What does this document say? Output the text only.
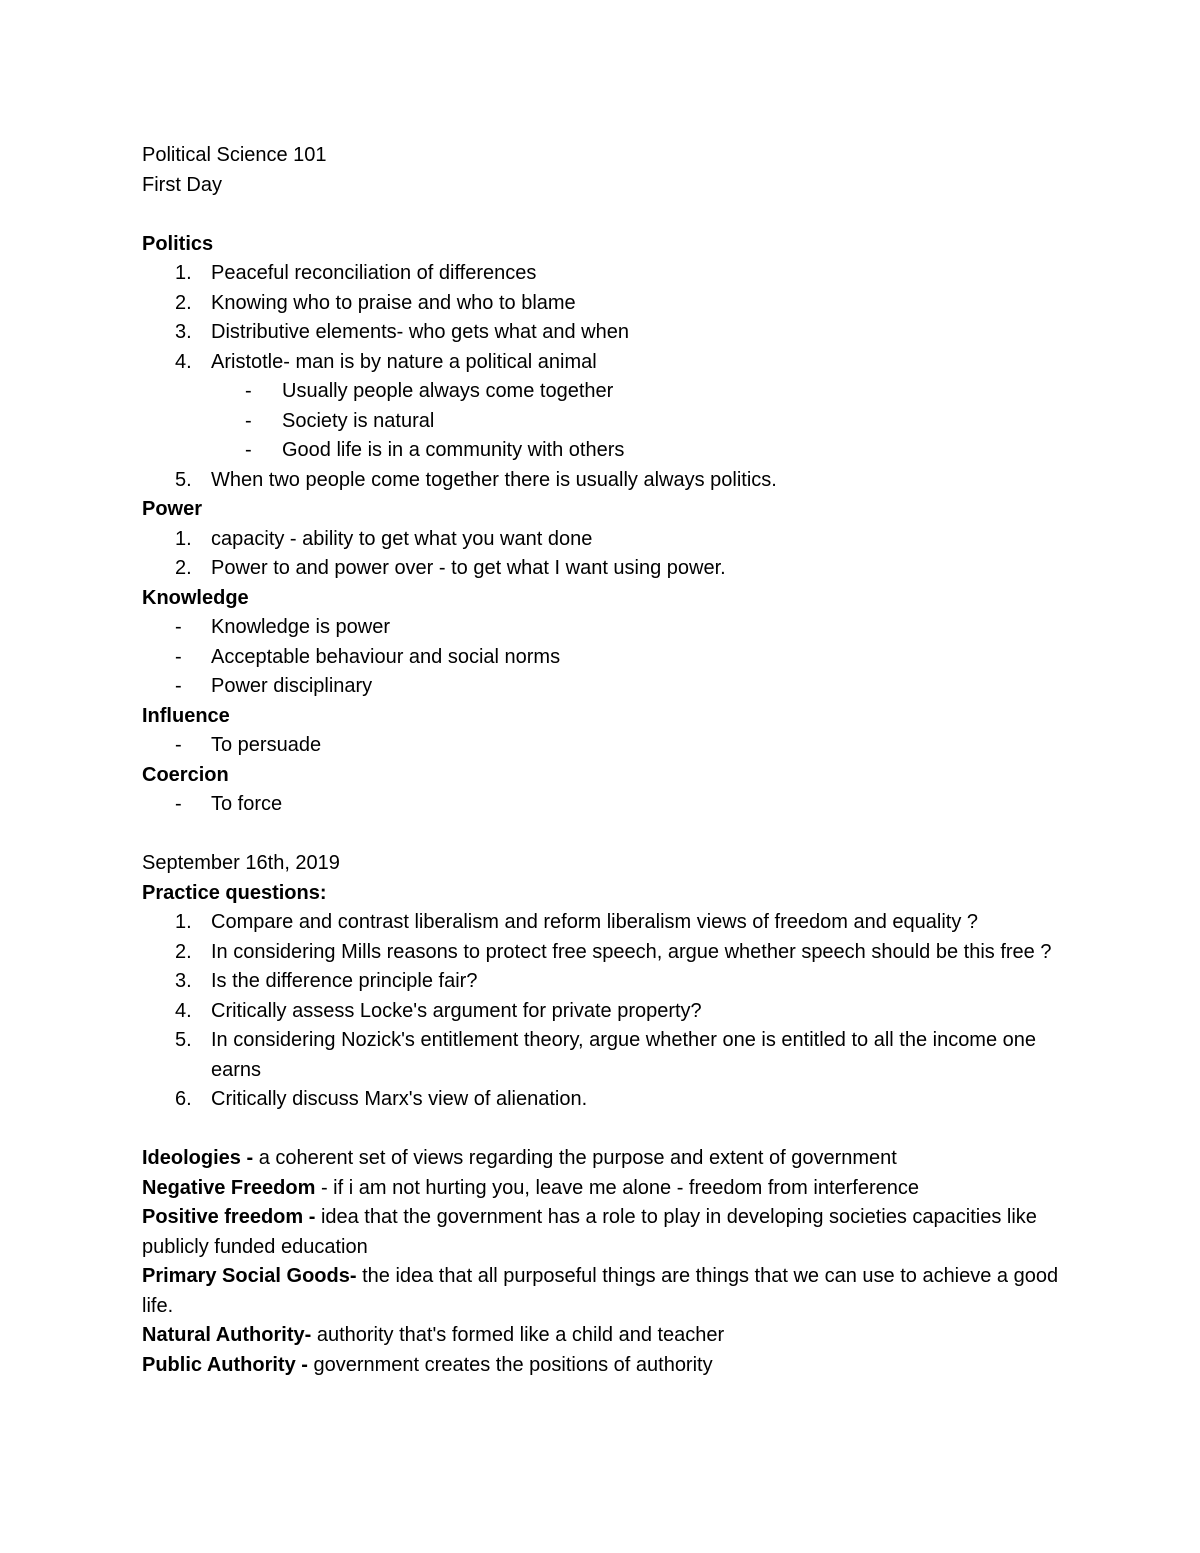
Political Science 101
First Day
Politics
1. Peaceful reconciliation of differences
2. Knowing who to praise and who to blame
3. Distributive elements- who gets what and when
4. Aristotle- man is by nature a political animal
- Usually people always come together
- Society is natural
- Good life is in a community with others
5. When two people come together there is usually always politics.
Power
1. capacity - ability to get what you want done
2. Power to and power over - to get what I want using power.
Knowledge
- Knowledge is power
- Acceptable behaviour and social norms
- Power disciplinary
Influence
- To persuade
Coercion
- To force
September 16th, 2019
Practice questions:
1. Compare and contrast liberalism and reform liberalism views of freedom and equality ?
2. In considering Mills reasons to protect free speech, argue whether speech should be this free ?
3. Is the difference principle fair?
4. Critically assess Locke's argument for private property?
5. In considering Nozick's entitlement theory, argue whether one is entitled to all the income one earns
6. Critically discuss Marx's view of alienation.
Ideologies - a coherent set of views regarding the purpose and extent of government
Negative Freedom - if i am not hurting you, leave me alone - freedom from interference
Positive freedom - idea that the government has a role to play in developing societies capacities like publicly funded education
Primary Social Goods- the idea that all purposeful things are things that we can use to achieve a good life.
Natural Authority- authority that's formed like a child and teacher
Public Authority - government creates the positions of authority
